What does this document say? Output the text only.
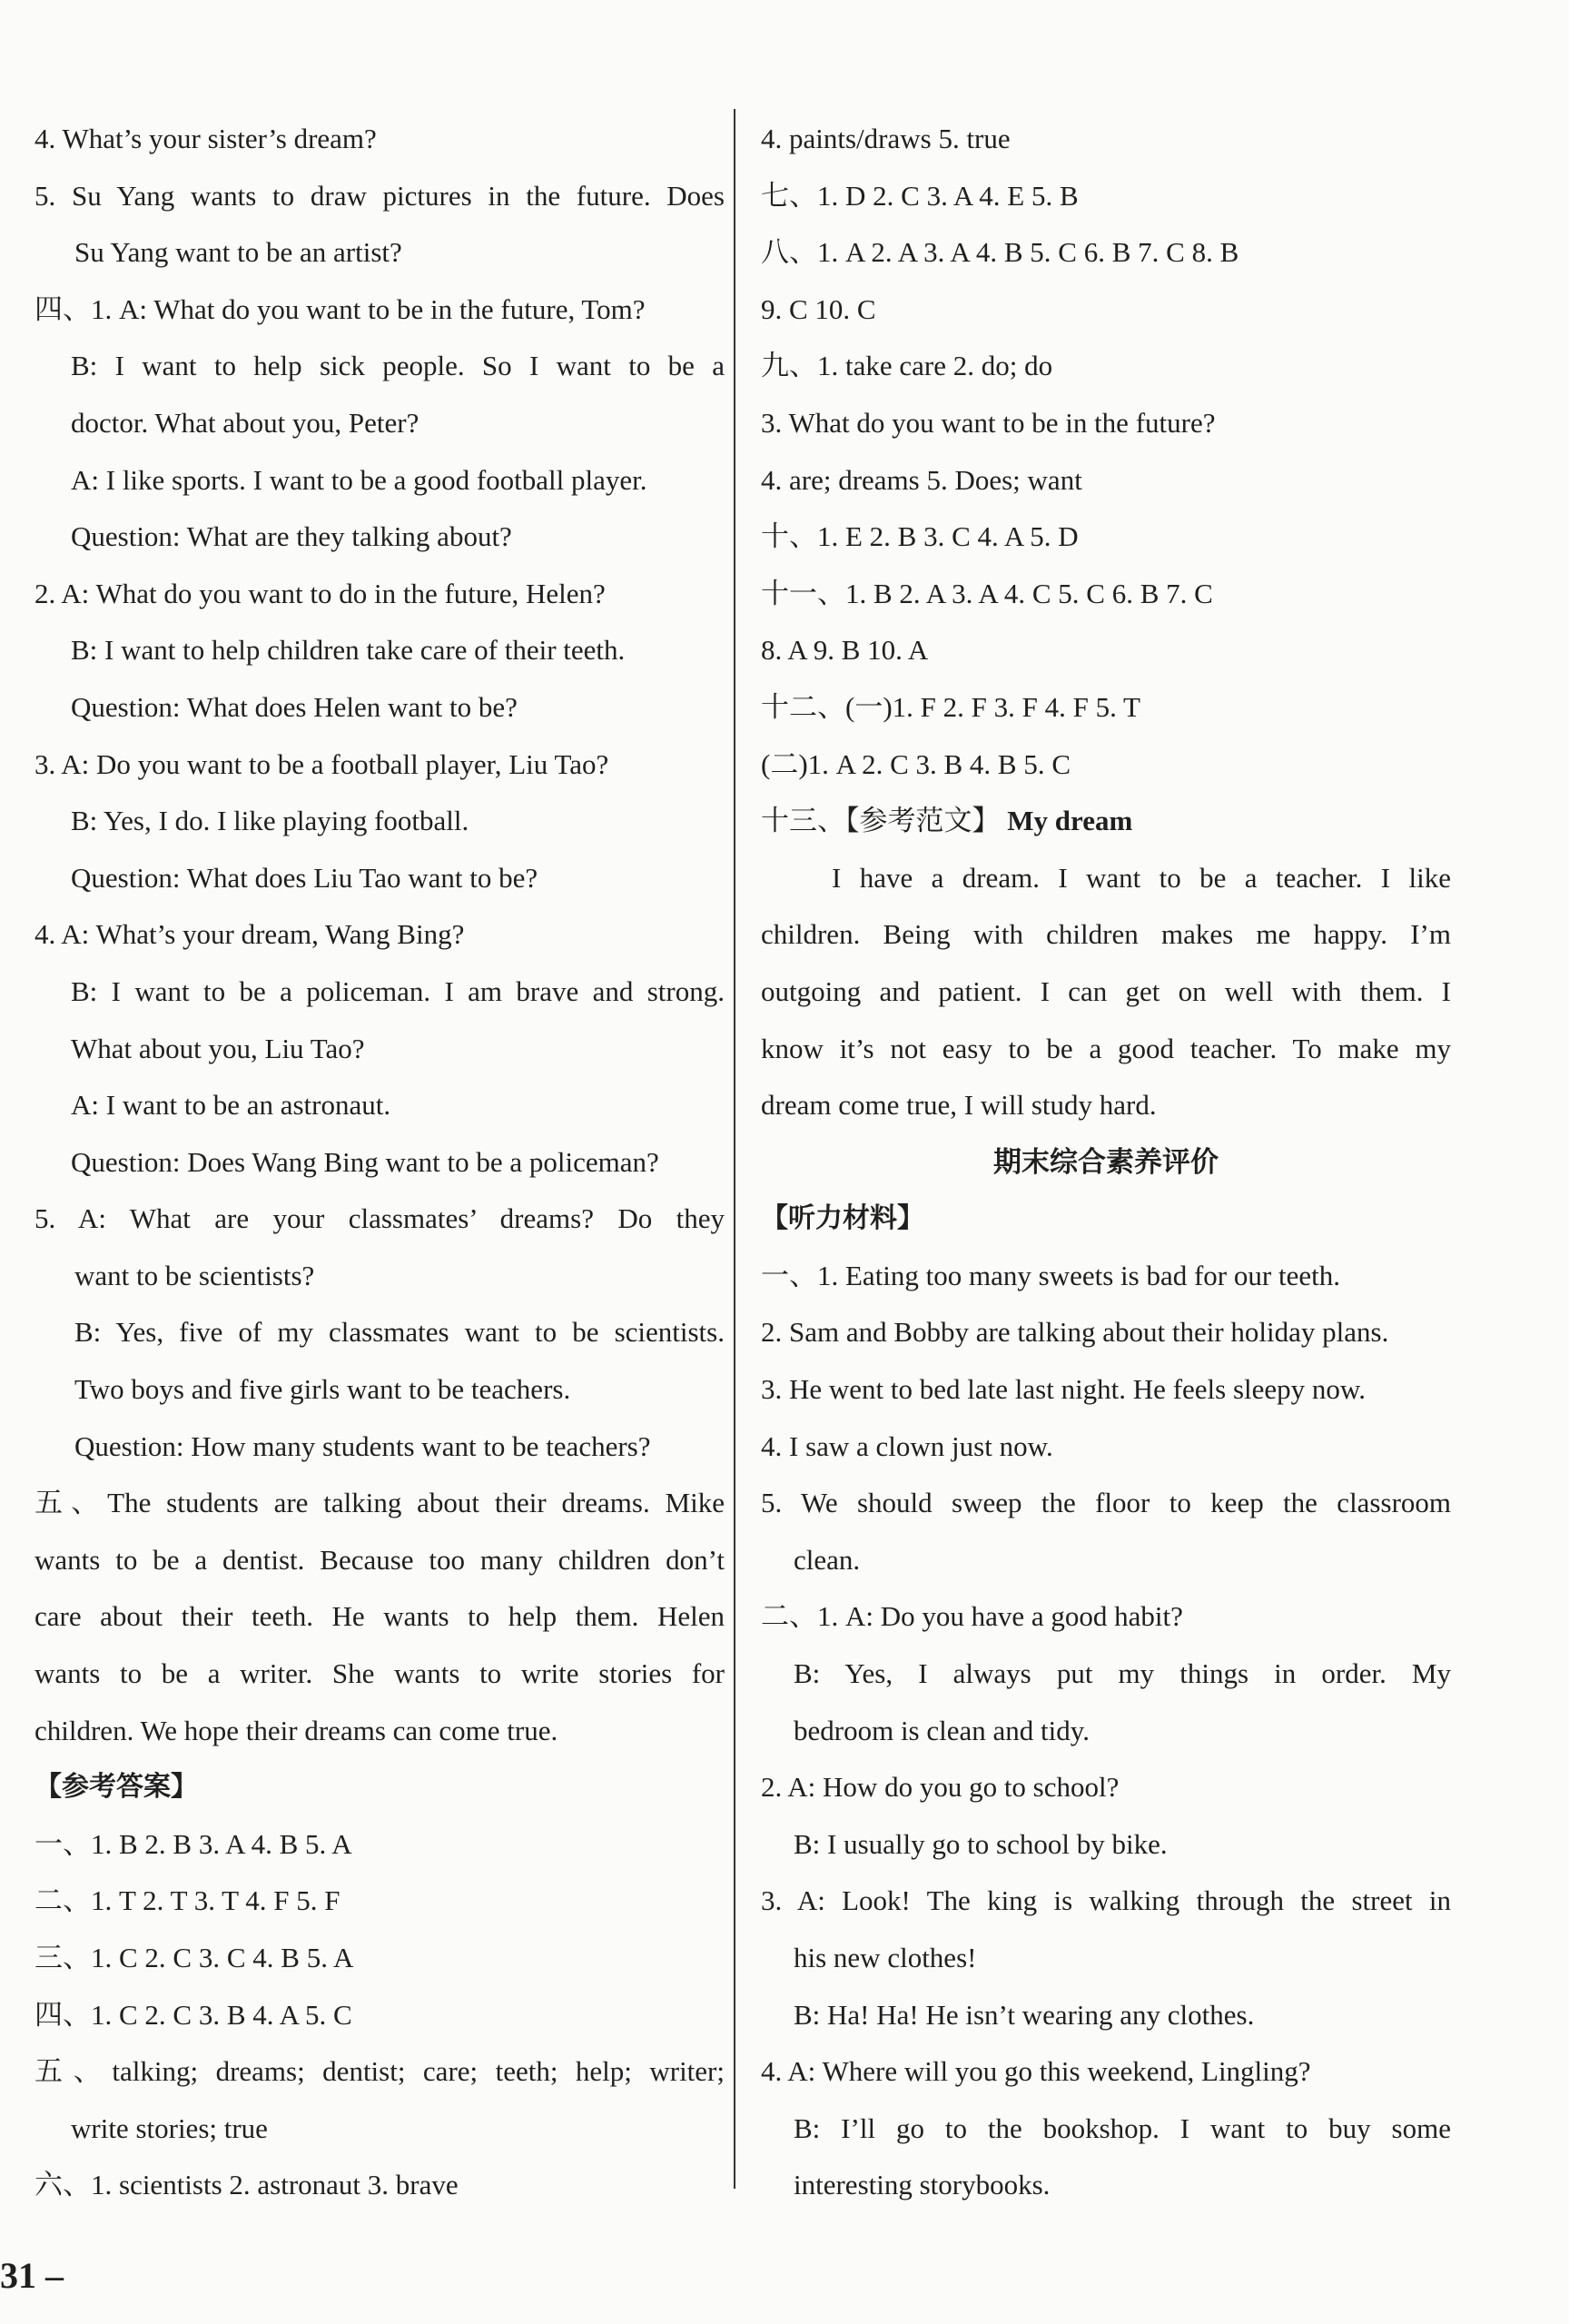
4. What’s your sister’s dream?
5. Su Yang wants to draw pictures in the future. Does
Su Yang want to be an artist?
四、1. A: What do you want to be in the future, Tom?
B: I want to help sick people. So I want to be a
doctor. What about you, Peter?
A: I like sports. I want to be a good football player.
Question: What are they talking about?
2. A: What do you want to do in the future, Helen?
B: I want to help children take care of their teeth.
Question: What does Helen want to be?
3. A: Do you want to be a football player, Liu Tao?
B: Yes, I do. I like playing football.
Question: What does Liu Tao want to be?
4. A: What’s your dream, Wang Bing?
B: I want to be a policeman. I am brave and strong.
What about you, Liu Tao?
A: I want to be an astronaut.
Question: Does Wang Bing want to be a policeman?
5. A: What are your classmates’ dreams? Do they
want to be scientists?
B: Yes, five of my classmates want to be scientists.
Two boys and five girls want to be teachers.
Question: How many students want to be teachers?
五、The students are talking about their dreams. Mike
wants to be a dentist. Because too many children don’t
care about their teeth. He wants to help them. Helen
wants to be a writer. She wants to write stories for
children. We hope their dreams can come true.
【参考答案】
一、1. B 2. B 3. A 4. B 5. A
二、1. T 2. T 3. T 4. F 5. F
三、1. C 2. C 3. C 4. B 5. A
四、1. C 2. C 3. B 4. A 5. C
五、talking; dreams; dentist; care; teeth; help; writer;
write stories; true
六、1. scientists 2. astronaut 3. brave
4. paints/draws 5. true
七、1. D 2. C 3. A 4. E 5. B
八、1. A 2. A 3. A 4. B 5. C 6. B 7. C 8. B
9. C 10. C
九、1. take care 2. do; do
3. What do you want to be in the future?
4. are; dreams 5. Does; want
十、1. E 2. B 3. C 4. A 5. D
十一、1. B 2. A 3. A 4. C 5. C 6. B 7. C
8. A 9. B 10. A
十二、(一)1. F 2. F 3. F 4. F 5. T
(二)1. A 2. C 3. B 4. B 5. C
十三、【参考范文】 My dream
I have a dream. I want to be a teacher. I like
children. Being with children makes me happy. I’m
outgoing and patient. I can get on well with them. I
know it’s not easy to be a good teacher. To make my
dream come true, I will study hard.
期末综合素养评价
【听力材料】
一、1. Eating too many sweets is bad for our teeth.
2. Sam and Bobby are talking about their holiday plans.
3. He went to bed late last night. He feels sleepy now.
4. I saw a clown just now.
5. We should sweep the floor to keep the classroom
clean.
二、1. A: Do you have a good habit?
B: Yes, I always put my things in order. My
bedroom is clean and tidy.
2. A: How do you go to school?
B: I usually go to school by bike.
3. A: Look! The king is walking through the street in
his new clothes!
B: Ha! Ha! He isn’t wearing any clothes.
4. A: Where will you go this weekend, Lingling?
B: I’ll go to the bookshop. I want to buy some
interesting storybooks.
31 –
